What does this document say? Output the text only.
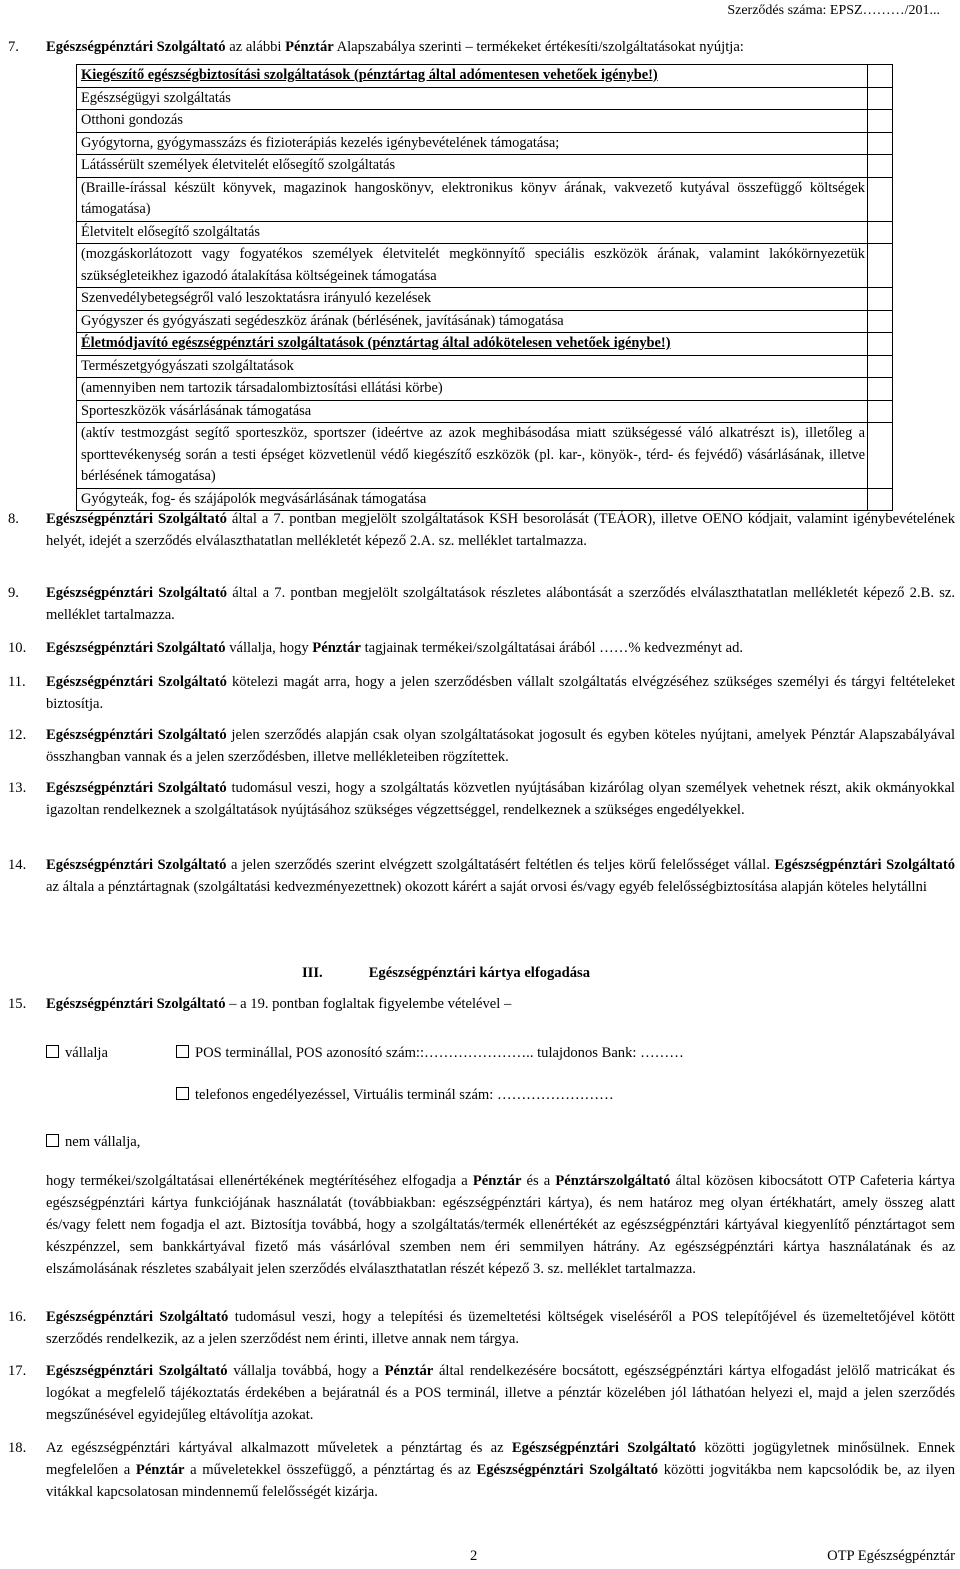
Szerződés száma: EPSZ………/201...
7. Egészségpénztári Szolgáltató az alábbi Pénztár Alapszabálya szerinti – termékeket értékesíti/szolgáltatásokat nyújtja:
Kiegészítő egészségbiztosítási szolgáltatások (pénztártag által adómentesen vehetőek igénybe!)
Egészségügyi szolgáltatás
Otthoni gondozás
Gyógytorna, gyógymasszázs és fizioterápiás kezelés igénybevételének támogatása;
Látássérült személyek életvitelét elősegítő szolgáltatás
(Braille-írással készült könyvek, magazinok hangoskönyv, elektronikus könyv árának, vakvezető kutyával összefüggő költségek támogatása)
Életvitelt elősegítő szolgáltatás
(mozgáskorlátozott vagy fogyatékos személyek életvitelét megkönnyítő speciális eszközök árának, valamint lakókörnyezetük szükségleteikhez igazodó átalakítása költségeinek támogatása
Szenvedélybetegségről való leszoktatásra irányuló kezelések
Gyógyszer és gyógyászati segédeszköz árának (bérlésének, javításának) támogatása
Életmódjavító egészségpénztári szolgáltatások (pénztártag által adókötelesen vehetőek igénybe!)
Természetgyógyászati szolgáltatások
(amennyiben nem tartozik társadalombiztosítási ellátási körbe)
Sporteszközök vásárlásának támogatása
(aktív testmozgást segítő sporteszköz, sportszer (ideértve az azok meghibásodása miatt szükségessé váló alkatrészt is), illetőleg a sporttevékenység során a testi épséget közvetlenül védő kiegészítő eszközök (pl. kar-, könyök-, térd- és fejvédő) vásárlásának, illetve bérlésének támogatása)
Gyógyteák, fog- és szájápolók megvásárlásának támogatása
8. Egészségpénztári Szolgáltató által a 7. pontban megjelölt szolgáltatások KSH besorolását (TEÁOR), illetve OENO kódjait, valamint igénybevételének helyét, idejét a szerződés elválaszthatatlan mellékletét képező 2.A. sz. melléklet tartalmazza.
9. Egészségpénztári Szolgáltató által a 7. pontban megjelölt szolgáltatások részletes alábontását a szerződés elválaszthatatlan mellékletét képező 2.B. sz. melléklet tartalmazza.
10. Egészségpénztári Szolgáltató vállalja, hogy Pénztár tagjainak termékei/szolgáltatásai árából ……% kedvezményt ad.
11. Egészségpénztári Szolgáltató kötelezi magát arra, hogy a jelen szerződésben vállalt szolgáltatás elvégzéséhez szükséges személyi és tárgyi feltételeket biztosítja.
12. Egészségpénztári Szolgáltató jelen szerződés alapján csak olyan szolgáltatásokat jogosult és egyben köteles nyújtani, amelyek Pénztár Alapszabályával összhangban vannak és a jelen szerződésben, illetve mellékleteiben rögzítettek.
13. Egészségpénztári Szolgáltató tudomásul veszi, hogy a szolgáltatás közvetlen nyújtásában kizárólag olyan személyek vehetnek részt, akik okmányokkal igazoltan rendelkeznek a szolgáltatások nyújtásához szükséges végzettséggel, rendelkeznek a szükséges engedélyekkel.
14. Egészségpénztári Szolgáltató a jelen szerződés szerint elvégzett szolgáltatásért feltétlen és teljes körű felelősséget vállal. Egészségpénztári Szolgáltató az általa a pénztártagnak (szolgáltatási kedvezményezettnek) okozott kárért a saját orvosi és/vagy egyéb felelősségbiztosítása alapján köteles helytállni
III.	Egészségpénztári kártya elfogadása
15. Egészségpénztári Szolgáltató – a 19. pontban foglaltak figyelembe vételével –
vállalja	POS terminállal, POS azonosító szám::………………….. tulajdonos Bank: ………
telefonos engedélyezéssel, Virtuális terminál szám: ……………………
nem vállalja,
hogy termékei/szolgáltatásai ellenértékének megtérítéséhez elfogadja a Pénztár és a Pénztárszolgáltató által közösen kibocsátott OTP Cafeteria kártya egészségpénztári kártya funkciójának használatát (továbbiakban: egészségpénztári kártya), és nem határoz meg olyan értékhatárt, amely összeg alatt és/vagy felett nem fogadja el azt. Biztosítja továbbá, hogy a szolgáltatás/termék ellenértékét az egészségpénztári kártyával kiegyenlítő pénztártagot sem készpénzzel, sem bankkártyával fizető más vásárlóval szemben nem éri semmilyen hátrány. Az egészségpénztári kártya használatának és az elszámolásának részletes szabályait jelen szerződés elválaszthatatlan részét képező 3. sz. melléklet tartalmazza.
16. Egészségpénztári Szolgáltató tudomásul veszi, hogy a telepítési és üzemeltetési költségek viseléséről a POS telepítőjével és üzemeltetőjével kötött szerződés rendelkezik, az a jelen szerződést nem érinti, illetve annak nem tárgya.
17. Egészségpénztári Szolgáltató vállalja továbbá, hogy a Pénztár által rendelkezésére bocsátott, egészségpénztári kártya elfogadást jelölő matricákat és logókat a megfelelő tájékoztatás érdekében a bejáratnál és a POS terminál, illetve a pénztár közelében jól láthatóan helyezi el, majd a jelen szerződés megszűnésével egyidejűleg eltávolítja azokat.
18. Az egészségpénztári kártyával alkalmazott műveletek a pénztártag és az Egészségpénztári Szolgáltató közötti jogügyletnek minősülnek. Ennek megfelelően a Pénztár a műveletekkel összefüggő, a pénztártag és az Egészségpénztári Szolgáltató közötti jogvitákba nem kapcsolódik be, az ilyen vitákkal kapcsolatosan mindennemű felelősségét kizárja.
2	OTP Egészségpénztár
